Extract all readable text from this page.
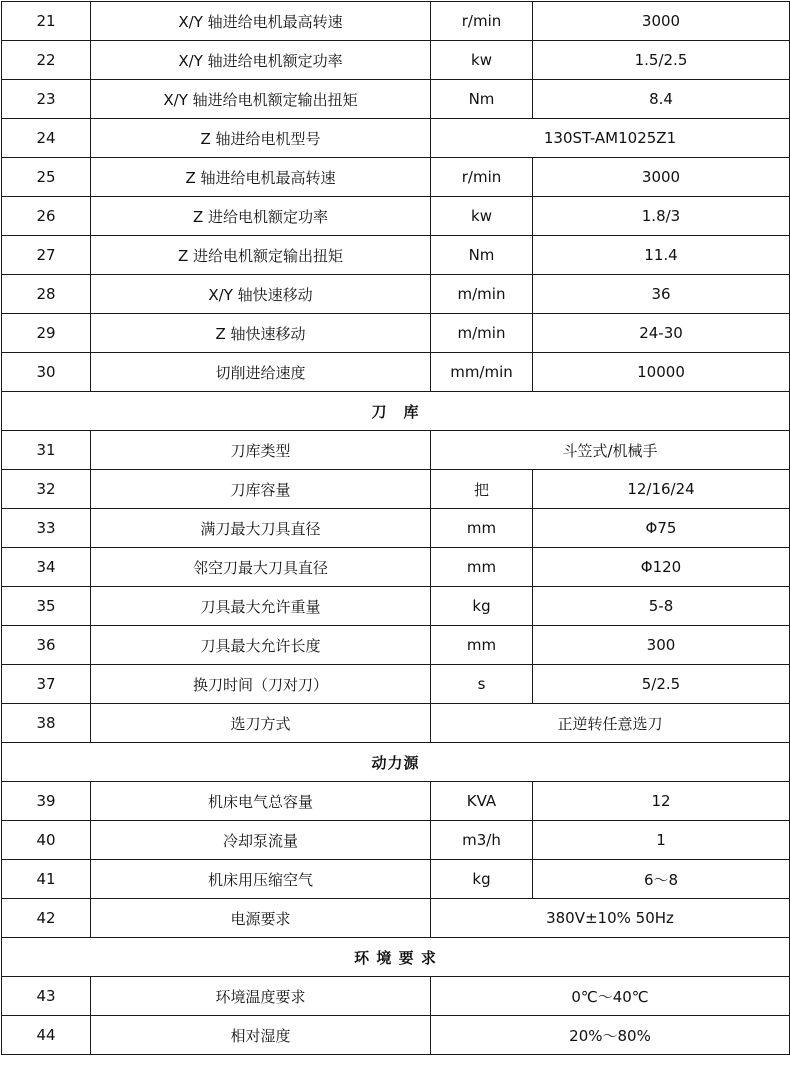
21	X/Y 轴进给电机最高转速	r/min	3000
22	X/Y 轴进给电机额定功率	kw	1.5/2.5
23	X/Y 轴进给电机额定输出扭矩	Nm	8.4
24	Z 轴进给电机型号	130ST-AM1025Z1	
25	Z 轴进给电机最高转速	r/min	3000
26	Z 进给电机额定功率	kw	1.8/3
27	Z 进给电机额定输出扭矩	Nm	11.4
28	X/Y 轴快速移动	m/min	36
29	Z 轴快速移动	m/min	24-30
30	切削进给速度	mm/min	10000
刀　库			
31	刀库类型	斗笠式/机械手	
32	刀库容量	把	12/16/24
33	满刀最大刀具直径	mm	Φ75
34	邻空刀最大刀具直径	mm	Φ120
35	刀具最大允许重量	kg	5-8
36	刀具最大允许长度	mm	300
37	换刀时间（刀对刀）	s	5/2.5
38	选刀方式	正逆转任意选刀	
动力源			
39	机床电气总容量	KVA	12
40	冷却泵流量	m3/h	1
41	机床用压缩空气	kg	6～8
42	电源要求	380V±10% 50Hz	
环 境 要 求			
43	环境温度要求	0℃～40℃	
44	相对湿度	20%～80%	
